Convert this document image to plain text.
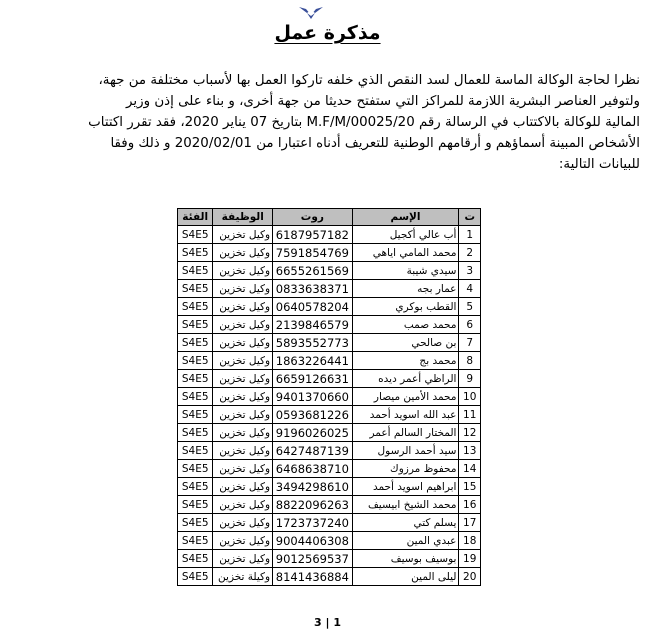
مذكرة عمل
نظرا لحاجة الوكالة الماسة للعمال لسد النقص الذي خلفه تاركوا العمل بها لأسباب مختلفة من جهة،
ولتوفير العناصر البشرية اللازمة للمراكز التي ستفتح حديثا من جهة أخرى، و بناء على إذن وزير
المالية للوكالة بالاكتتاب في الرسالة رقم 00025/20/M.F/M بتاريخ 07 يناير 2020، فقد تقرر اكتتاب
الأشخاص المبينة أسماؤهم و أرقامهم الوطنية للتعريف أدناه اعتبارا من 2020/02/01 و ذلك وفقا
للبيانات التالية:
ت	الإسم	روت	الوظيفة	الفئة
1	أب عالي أكجيل	6187957182	وكيل تخزين	S4E5
2	محمد المامي اياهي	7591854769	وكيل تخزين	S4E5
3	سيدي شيبة	6655261569	وكيل تخزين	S4E5
4	عمار بجه	0833638371	وكيل تخزين	S4E5
5	القطب بوكري	0640578204	وكيل تخزين	S4E5
6	محمد صمب	2139846579	وكيل تخزين	S4E5
7	بن صالحي	5893552773	وكيل تخزين	S4E5
8	محمد بج	1863226441	وكيل تخزين	S4E5
9	الراظي أعمر ديده	6659126631	وكيل تخزين	S4E5
10	محمد الأمين ميصار	9401370660	وكيل تخزين	S4E5
11	عبد الله اسويد أحمد	0593681226	وكيل تخزين	S4E5
12	المختار السالم أعمر	9196026025	وكيل تخزين	S4E5
13	سيد أحمد الرسول	6427487139	وكيل تخزين	S4E5
14	محفوظ مرزوك	6468638710	وكيل تخزين	S4E5
15	ابراهيم اسويد أحمد	3494298610	وكيل تخزين	S4E5
16	محمد الشيخ ابيسيف	8822096263	وكيل تخزين	S4E5
17	يسلم كتي	1723737240	وكيل تخزين	S4E5
18	عبدي المين	9004406308	وكيل تخزين	S4E5
19	بوسيف بوسيف	9012569537	وكيل تخزين	S4E5
20	ليلى المين	8141436884	وكيلة تخزين	S4E5
3 | 1
